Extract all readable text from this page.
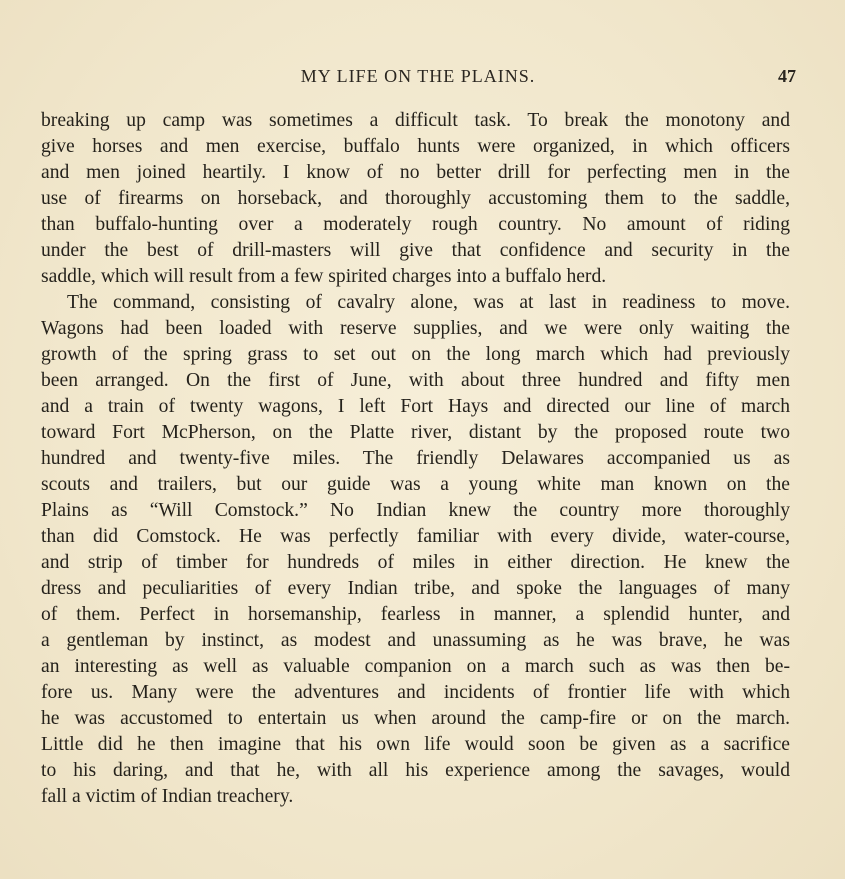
MY LIFE ON THE PLAINS.	47
breaking up camp was sometimes a difficult task. To break the monotony and
give horses and men exercise, buffalo hunts were organized, in which officers
and men joined heartily. I know of no better drill for perfecting men in the
use of firearms on horseback, and thoroughly accustoming them to the saddle,
than buffalo-hunting over a moderately rough country. No amount of riding
under the best of drill-masters will give that confidence and security in the
saddle, which will result from a few spirited charges into a buffalo herd.
The command, consisting of cavalry alone, was at last in readiness to move.
Wagons had been loaded with reserve supplies, and we were only waiting the
growth of the spring grass to set out on the long march which had previously
been arranged. On the first of June, with about three hundred and fifty men
and a train of twenty wagons, I left Fort Hays and directed our line of march
toward Fort McPherson, on the Platte river, distant by the proposed route two
hundred and twenty-five miles. The friendly Delawares accompanied us as
scouts and trailers, but our guide was a young white man known on the
Plains as “Will Comstock.” No Indian knew the country more thoroughly
than did Comstock. He was perfectly familiar with every divide, water-course,
and strip of timber for hundreds of miles in either direction. He knew the
dress and peculiarities of every Indian tribe, and spoke the languages of many
of them. Perfect in horsemanship, fearless in manner, a splendid hunter, and
a gentleman by instinct, as modest and unassuming as he was brave, he was
an interesting as well as valuable companion on a march such as was then be-
fore us. Many were the adventures and incidents of frontier life with which
he was accustomed to entertain us when around the camp-fire or on the march.
Little did he then imagine that his own life would soon be given as a sacrifice
to his daring, and that he, with all his experience among the savages, would
fall a victim of Indian treachery.
